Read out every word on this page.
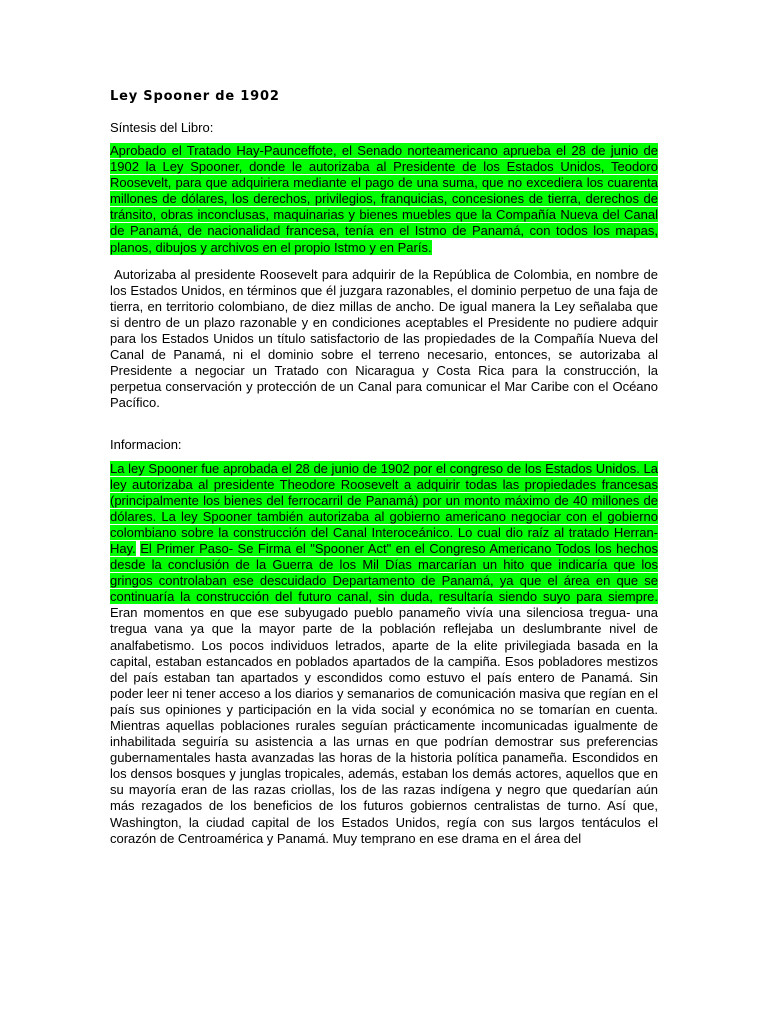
Ley Spooner de 1902
Síntesis del Libro:

Aprobado el Tratado Hay-Paunceffote, el Senado norteamericano aprueba el 28 de junio de 1902 la Ley Spooner, donde le autorizaba al Presidente de los Estados Unidos, Teodoro Roosevelt, para que adquiriera mediante el pago de una suma, que no excediera los cuarenta millones de dólares, los derechos, privilegios, franquicias, concesiones de tierra, derechos de tránsito, obras inconclusas, maquinarias y bienes muebles que la Compañía Nueva del Canal de Panamá, de nacionalidad francesa, tenía en el Istmo de Panamá, con todos los mapas, planos, dibujos y archivos en el propio Istmo y en París.

Autorizaba al presidente Roosevelt para adquirir de la República de Colombia, en nombre de los Estados Unidos, en términos que él juzgara razonables, el dominio perpetuo de una faja de tierra, en territorio colombiano, de diez millas de ancho. De igual manera la Ley señalaba que si dentro de un plazo razonable y en condiciones aceptables el Presidente no pudiere adquir para los Estados Unidos un título satisfactorio de las propiedades de la Compañía Nueva del Canal de Panamá, ni el dominio sobre el terreno necesario, entonces, se autorizaba al Presidente a negociar un Tratado con Nicaragua y Costa Rica para la construcción, la perpetua conservación y protección de un Canal para comunicar el Mar Caribe con el Océano Pacífico.

Informacion:

La ley Spooner fue aprobada el 28 de junio de 1902 por el congreso de los Estados Unidos. La ley autorizaba al presidente Theodore Roosevelt a adquirir todas las propiedades francesas (principalmente los bienes del ferrocarril de Panamá) por un monto máximo de 40 millones de dólares. La ley Spooner también autorizaba al gobierno americano negociar con el gobierno colombiano sobre la construcción del Canal Interoceánico. Lo cual dio raíz al tratado Herran-Hay. El Primer Paso- Se Firma el "Spooner Act" en el Congreso Americano Todos los hechos desde la conclusión de la Guerra de los Mil Días marcarían un hito que indicaría que los gringos controlaban ese descuidado Departamento de Panamá, ya que el área en que se continuaría la construcción del futuro canal, sin duda, resultaría siendo suyo para siempre. Eran momentos en que ese subyugado pueblo panameño vivía una silenciosa tregua- una tregua vana ya que la mayor parte de la población reflejaba un deslumbrante nivel de analfabetismo. Los pocos individuos letrados, aparte de la elite privilegiada basada en la capital, estaban estancados en poblados apartados de la campiña. Esos pobladores mestizos del país estaban tan apartados y escondidos como estuvo el país entero de Panamá. Sin poder leer ni tener acceso a los diarios y semanarios de comunicación masiva que regían en el país sus opiniones y participación en la vida social y económica no se tomarían en cuenta. Mientras aquellas poblaciones rurales seguían prácticamente incomunicadas igualmente de inhabilitada seguiría su asistencia a las urnas en que podrían demostrar sus preferencias gubernamentales hasta avanzadas las horas de la historia política panameña. Escondidos en los densos bosques y junglas tropicales, además, estaban los demás actores, aquellos que en su mayoría eran de las razas criollas, los de las razas indígena y negro que quedarían aún más rezagados de los beneficios de los futuros gobiernos centralistas de turno. Así que, Washington, la ciudad capital de los Estados Unidos, regía con sus largos tentáculos el corazón de Centroamérica y Panamá. Muy temprano en ese drama en el área del
